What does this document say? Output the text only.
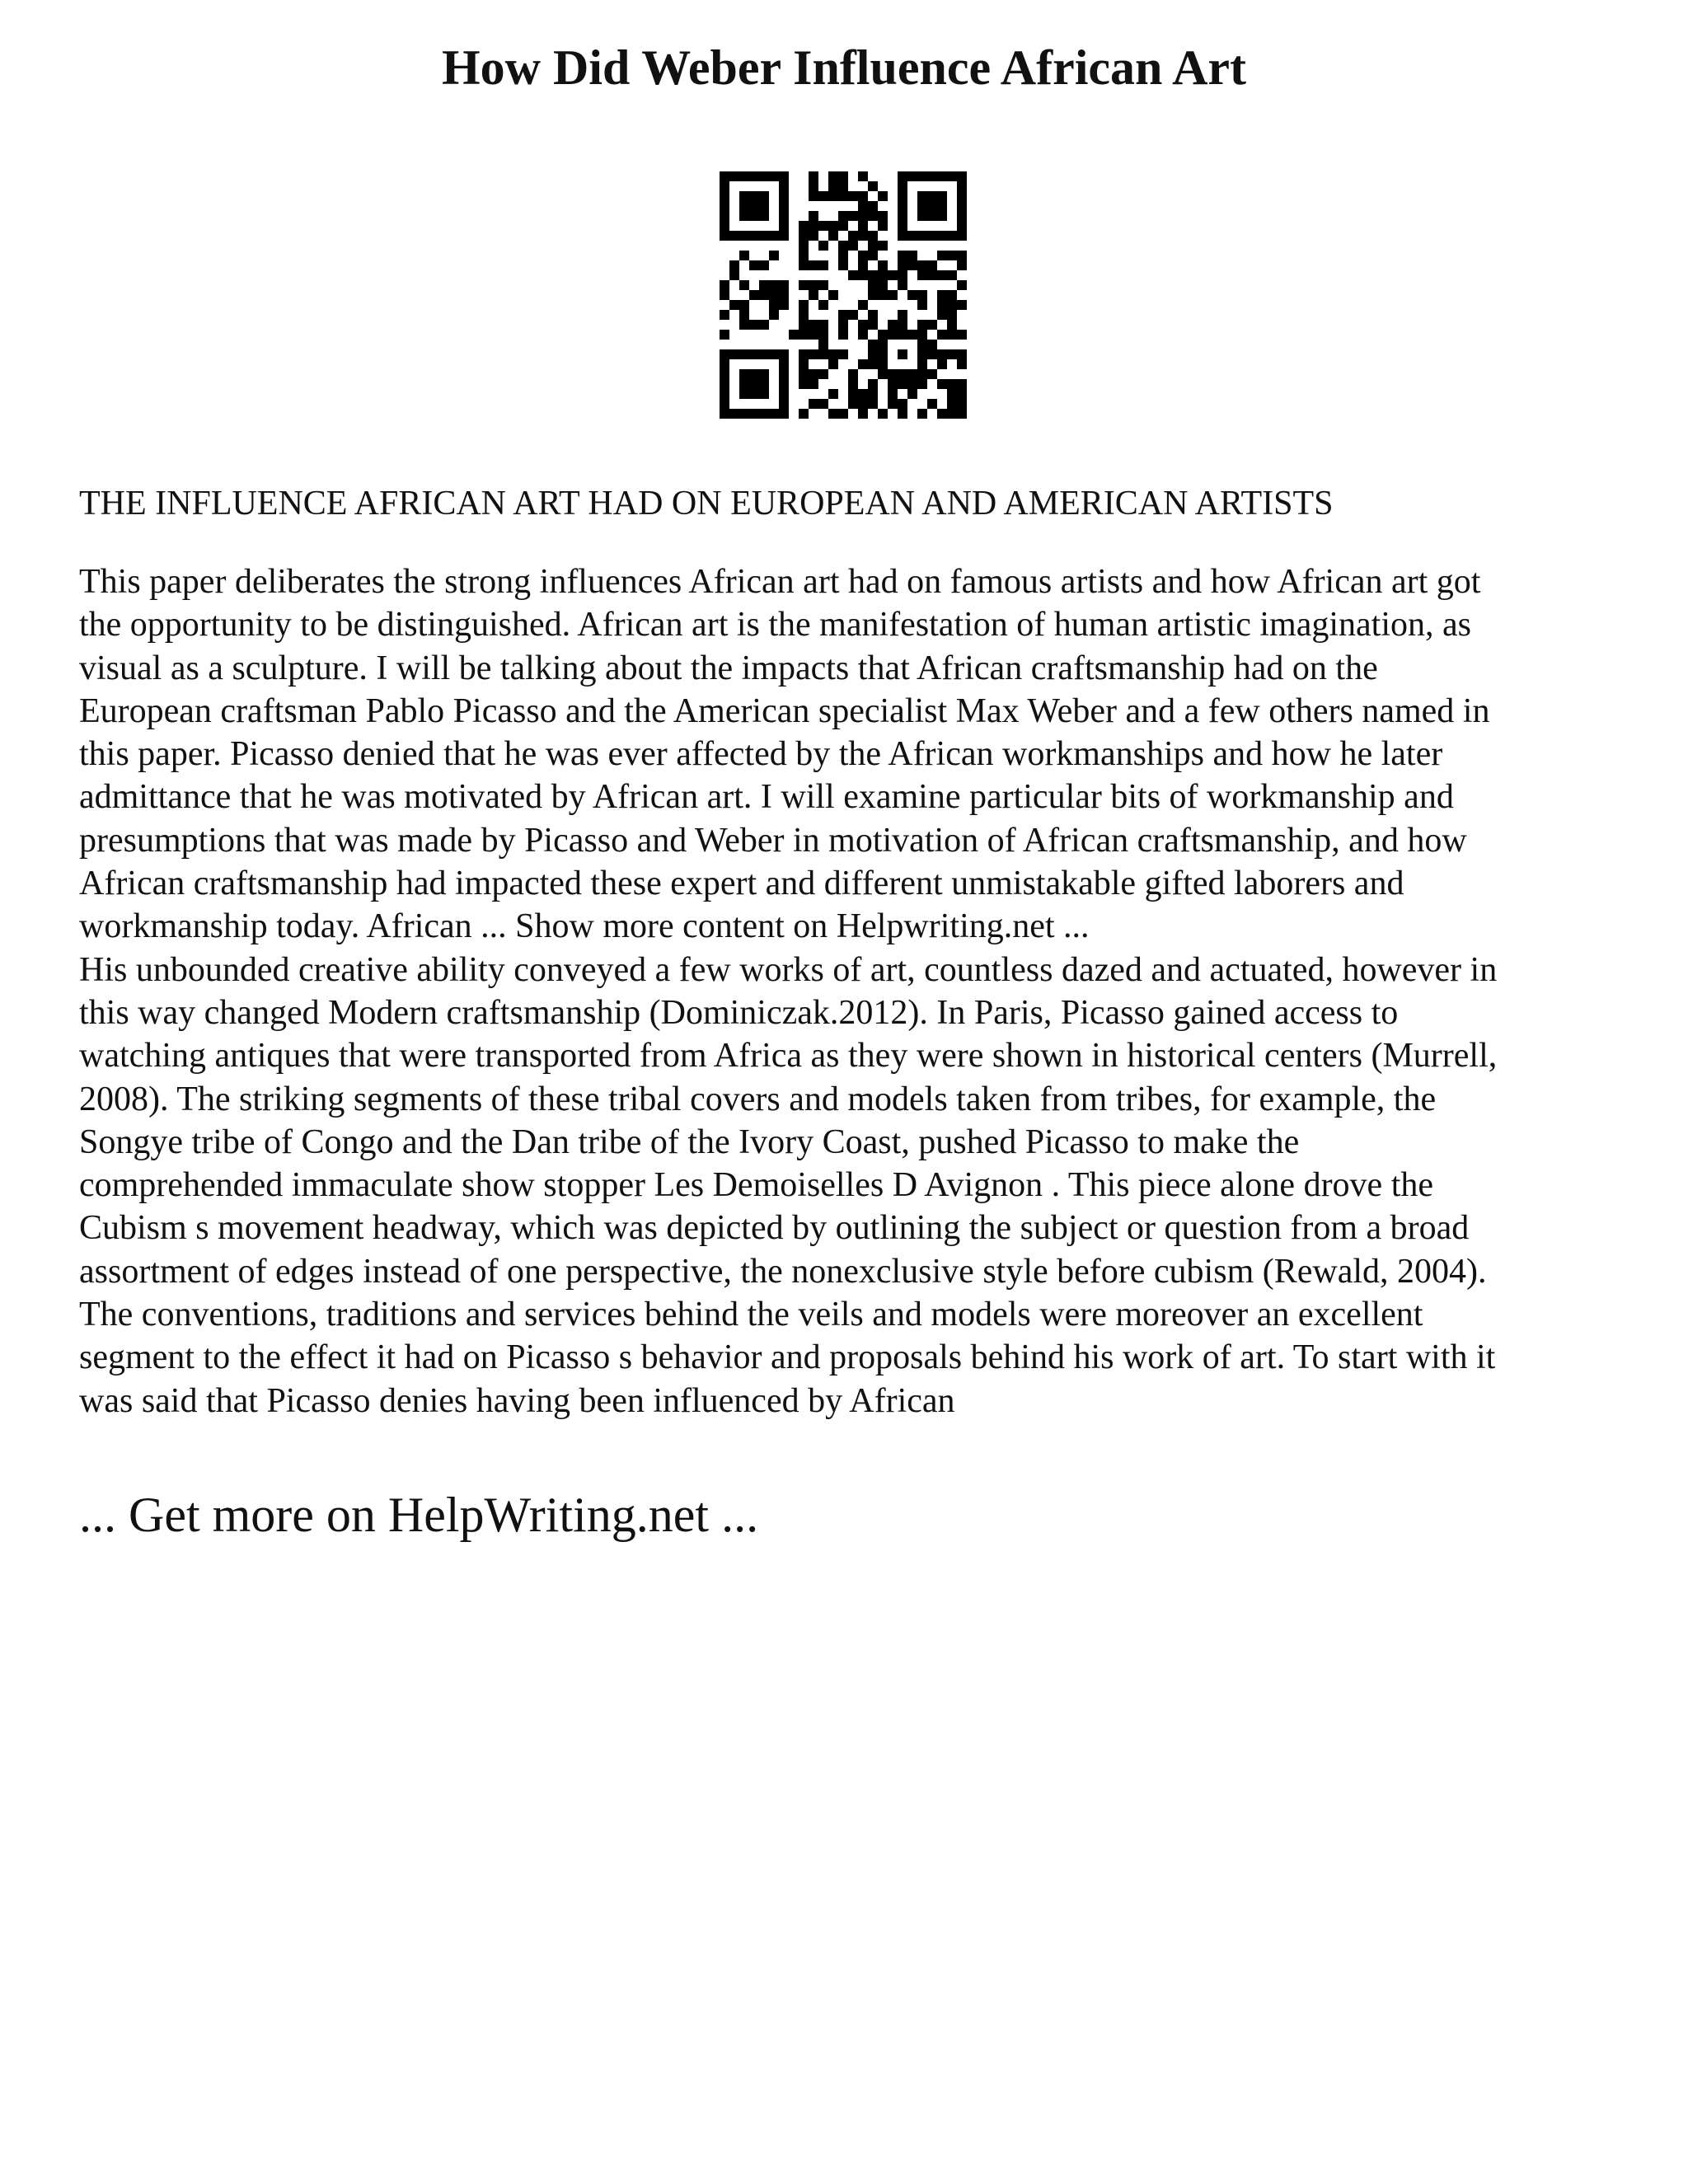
How Did Weber Influence African Art

THE INFLUENCE AFRICAN ART HAD ON EUROPEAN AND AMERICAN ARTISTS

This paper deliberates the strong influences African art had on famous artists and how African art got
the opportunity to be distinguished. African art is the manifestation of human artistic imagination, as
visual as a sculpture. I will be talking about the impacts that African craftsmanship had on the
European craftsman Pablo Picasso and the American specialist Max Weber and a few others named in
this paper. Picasso denied that he was ever affected by the African workmanships and how he later
admittance that he was motivated by African art. I will examine particular bits of workmanship and
presumptions that was made by Picasso and Weber in motivation of African craftsmanship, and how
African craftsmanship had impacted these expert and different unmistakable gifted laborers and
workmanship today. African ... Show more content on Helpwriting.net ...

His unbounded creative ability conveyed a few works of art, countless dazed and actuated, however in
this way changed Modern craftsmanship (Dominiczak.2012). In Paris, Picasso gained access to
watching antiques that were transported from Africa as they were shown in historical centers (Murrell,
2008). The striking segments of these tribal covers and models taken from tribes, for example, the
Songye tribe of Congo and the Dan tribe of the Ivory Coast, pushed Picasso to make the
comprehended immaculate show stopper Les Demoiselles D Avignon . This piece alone drove the
Cubism s movement headway, which was depicted by outlining the subject or question from a broad
assortment of edges instead of one perspective, the nonexclusive style before cubism (Rewald, 2004).
The conventions, traditions and services behind the veils and models were moreover an excellent
segment to the effect it had on Picasso s behavior and proposals behind his work of art. To start with it
was said that Picasso denies having been influenced by African

... Get more on HelpWriting.net ...
